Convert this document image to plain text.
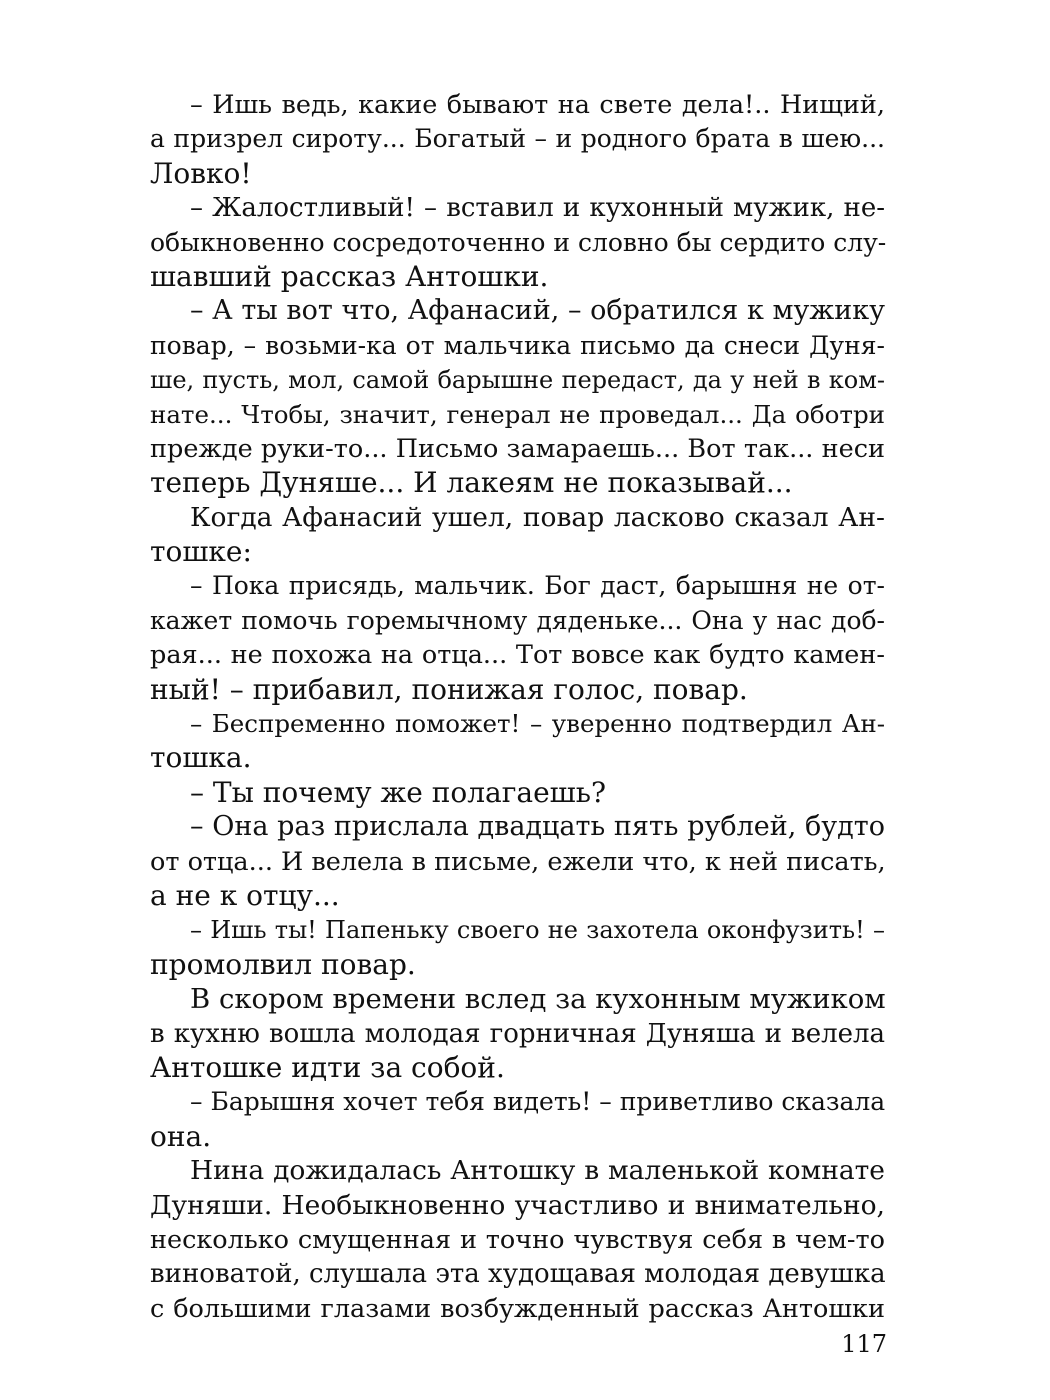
– Ишь ведь, какие бывают на свете дела!.. Нищий,
а призрел сироту... Богатый – и родного брата в шею...
Ловко!
– Жалостливый! – вставил и кухонный мужик, не-
обыкновенно сосредоточенно и словно бы сердито слу-
шавший рассказ Антошки.
– А ты вот что, Афанасий, – обратился к мужику
повар, – возьми-ка от мальчика письмо да снеси Дуня-
ше, пусть, мол, самой барышне передаст, да у ней в ком-
нате... Чтобы, значит, генерал не проведал... Да оботри
прежде руки-то... Письмо замараешь... Вот так... неси
теперь Дуняше... И лакеям не показывай...
Когда Афанасий ушел, повар ласково сказал Ан-
тошке:
– Пока присядь, мальчик. Бог даст, барышня не от-
кажет помочь горемычному дяденьке... Она у нас доб-
рая... не похожа на отца... Тот вовсе как будто камен-
ный! – прибавил, понижая голос, повар.
– Беспременно поможет! – уверенно подтвердил Ан-
тошка.
– Ты почему же полагаешь?
– Она раз прислала двадцать пять рублей, будто
от отца... И велела в письме, ежели что, к ней писать,
а не к отцу...
– Ишь ты! Папеньку своего не захотела оконфузить! –
промолвил повар.
В скором времени вслед за кухонным мужиком
в кухню вошла молодая горничная Дуняша и велела
Антошке идти за собой.
– Барышня хочет тебя видеть! – приветливо сказала
она.
Нина дожидалась Антошку в маленькой комнате
Дуняши. Необыкновенно участливо и внимательно,
несколько смущенная и точно чувствуя себя в чем-то
виноватой, слушала эта худощавая молодая девушка
с большими глазами возбужденный рассказ Антошки
117
